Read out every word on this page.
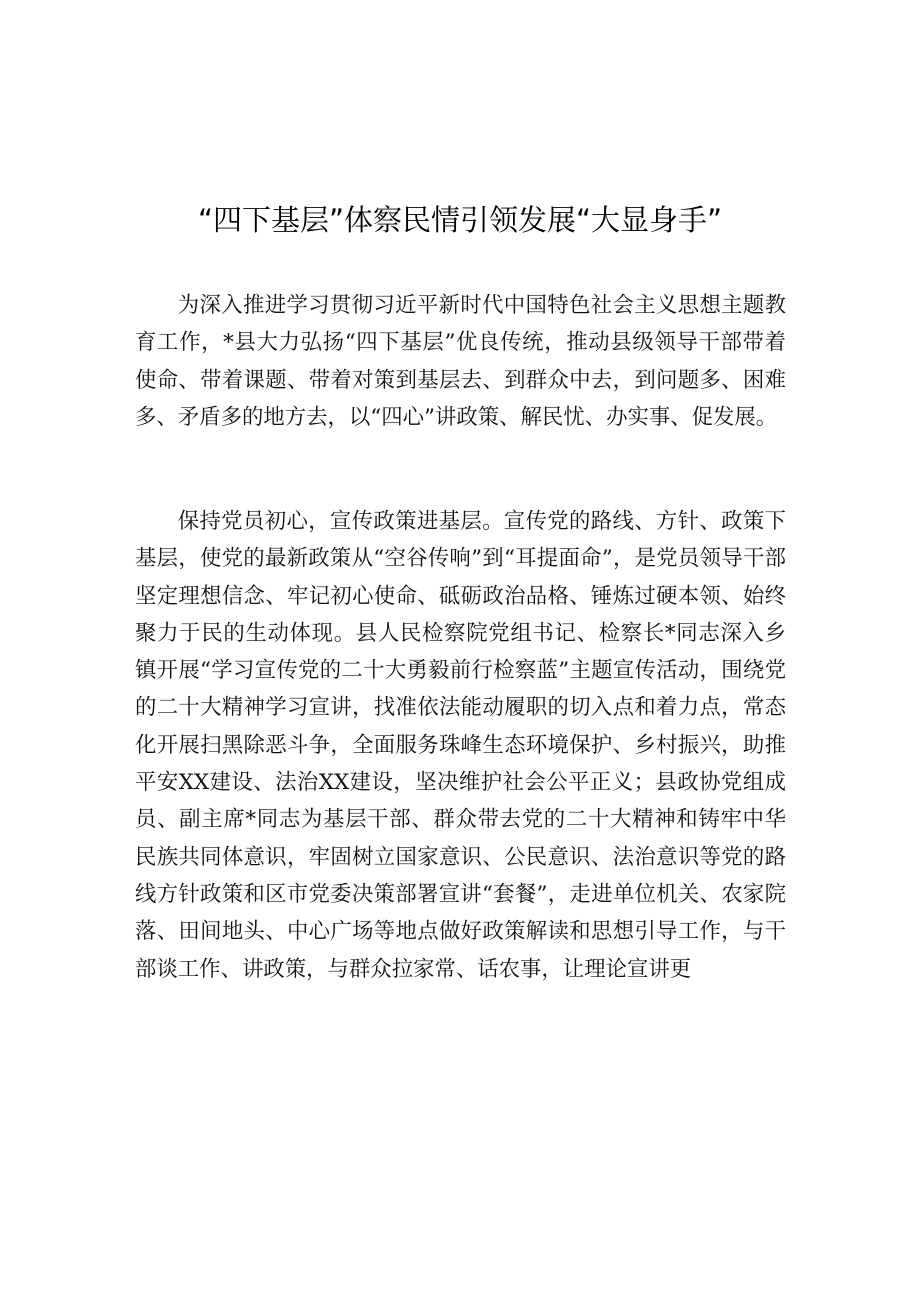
“四下基层”体察民情引领发展“大显身手”

为深入推进学习贯彻习近平新时代中国特色社会主义思想主题教育工作，*县大力弘扬“四下基层”优良传统，推动县级领导干部带着使命、带着课题、带着对策到基层去、到群众中去，到问题多、困难多、矛盾多的地方去，以“四心”讲政策、解民忧、办实事、促发展。

保持党员初心，宣传政策进基层。宣传党的路线、方针、政策下基层，使党的最新政策从“空谷传响”到“耳提面命”，是党员领导干部坚定理想信念、牢记初心使命、砥砺政治品格、锤炼过硬本领、始终聚力于民的生动体现。县人民检察院党组书记、检察长*同志深入乡镇开展“学习宣传党的二十大勇毅前行检察蓝”主题宣传活动，围绕党的二十大精神学习宣讲，找准依法能动履职的切入点和着力点，常态化开展扫黑除恶斗争，全面服务珠峰生态环境保护、乡村振兴，助推平安XX建设、法治XX建设，坚决维护社会公平正义；县政协党组成员、副主席*同志为基层干部、群众带去党的二十大精神和铸牢中华民族共同体意识，牢固树立国家意识、公民意识、法治意识等党的路线方针政策和区市党委决策部署宣讲“套餐”，走进单位机关、农家院落、田间地头、中心广场等地点做好政策解读和思想引导工作，与干部谈工作、讲政策，与群众拉家常、话农事，让理论宣讲更
